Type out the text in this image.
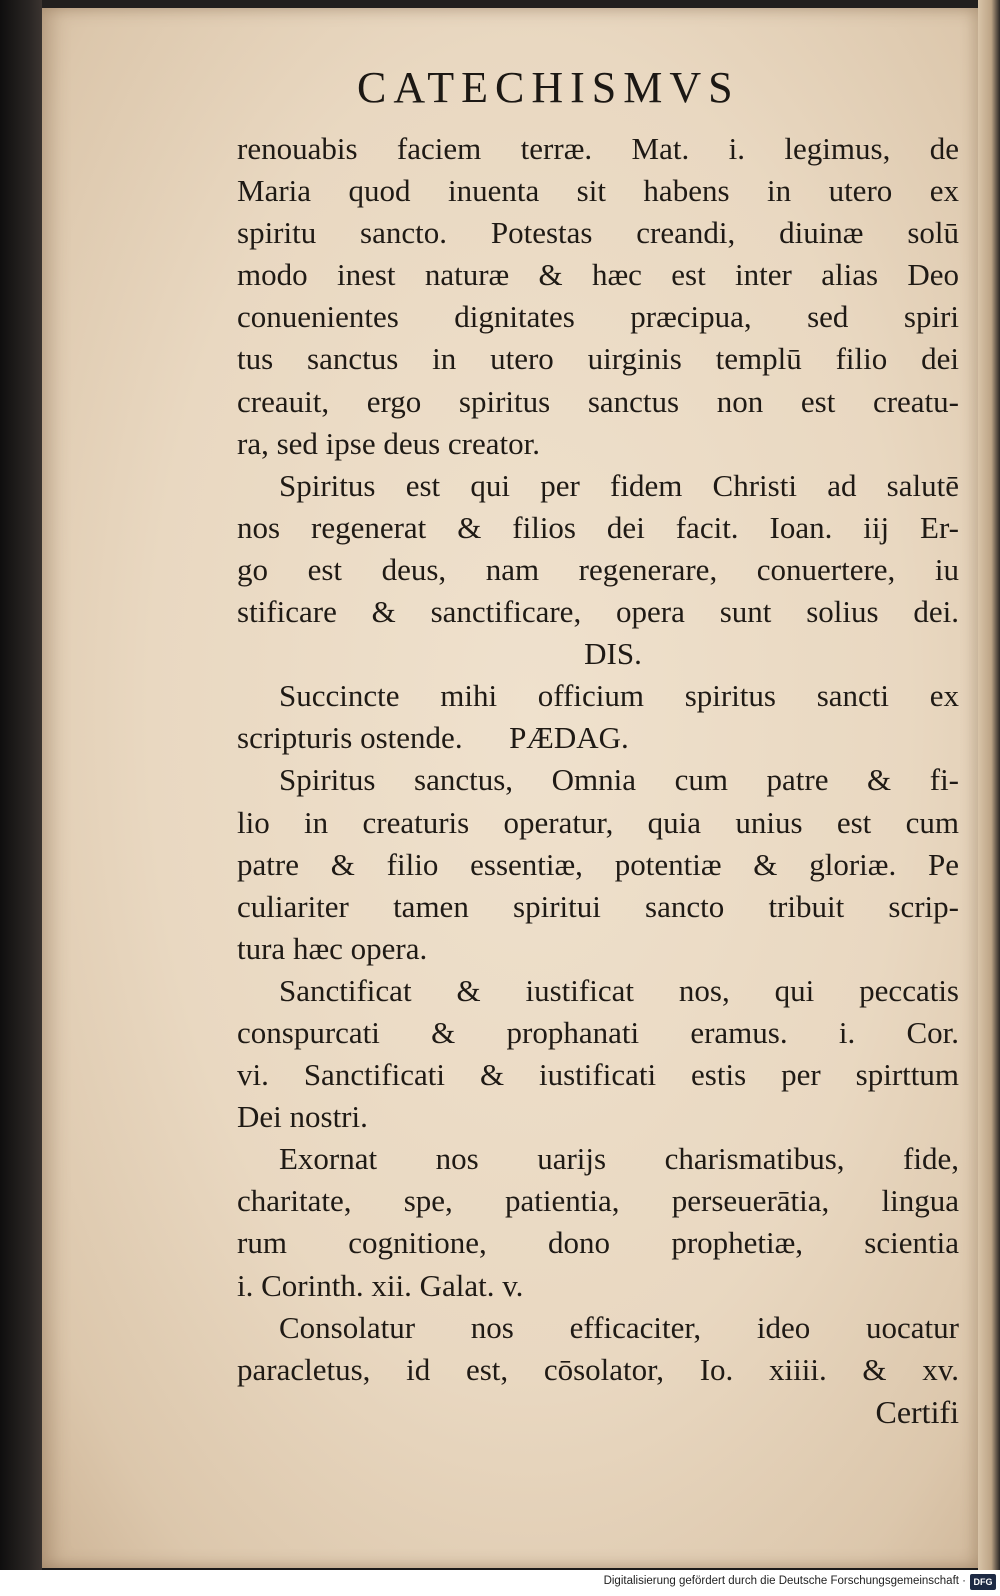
CATECHISMVS
renouabis faciem terræ. Mat. i. legimus, de
Maria quod inuenta sit habens in utero ex
spiritu sancto. Potestas creandi, diuinæ solū
modo inest naturæ & hæc est inter alias Deo
conuenientes dignitates præcipua, sed spiri
tus sanctus in utero uirginis templū filio dei
creauit, ergo spiritus sanctus non est creatu-
ra, sed ipse deus creator.
Spiritus est qui per fidem Christi ad salutē
nos regenerat & filios dei facit. Ioan. iij Er-
go est deus, nam regenerare, conuertere, iu
stificare & sanctificare, opera sunt solius dei.
DIS.
Succincte mihi officium spiritus sancti ex
scripturis ostende.      PÆDAG.
Spiritus sanctus, Omnia cum patre & fi-
lio in creaturis operatur, quia unius est cum
patre & filio essentiæ, potentiæ & gloriæ. Pe
culiariter tamen spiritui sancto tribuit scrip-
tura hæc opera.
Sanctificat & iustificat nos, qui peccatis
conspurcati & prophanati eramus. i. Cor.
vi. Sanctificati & iustificati estis per spirttum
Dei nostri.
Exornat nos uarijs charismatibus, fide,
charitate, spe, patientia, perseuerātia, lingua
rum cognitione, dono prophetiæ, scientia
i. Corinth. xii. Galat. v.
Consolatur nos efficaciter, ideo uocatur
paracletus, id est, cōsolator, Io. xiiii. & xv.
Certifi
Digitalisierung gefördert durch die Deutsche Forschungsgemeinschaft · DFG
